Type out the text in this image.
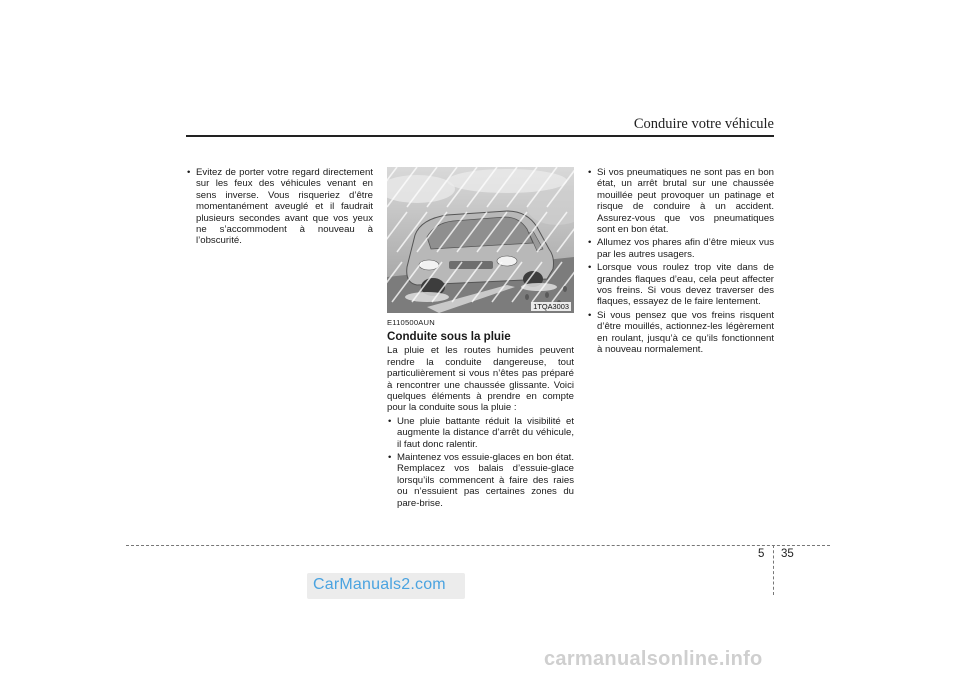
Conduire votre véhicule
• Evitez de porter votre regard directement sur les feux des véhicules venant en sens inverse. Vous risqueriez d’être momentanément aveuglé et il faudrait plusieurs secondes avant que vos yeux ne s’accommodent à nouveau à l’obscurité.
1TQA3003
E110500AUN
Conduite sous la pluie

La pluie et les routes humides peuvent rendre la conduite dangereuse, tout particulièrement si vous n’êtes pas préparé à rencontrer une chaussée glissante. Voici quelques éléments à prendre en compte pour la conduite sous la pluie :

• Une pluie battante réduit la visibilité et augmente la distance d’arrêt du véhicule, il faut donc ralentir.
• Maintenez vos essuie-glaces en bon état. Remplacez vos balais d’essuie-glace lorsqu’ils commencent à faire des raies ou n’essuient pas certaines zones du pare-brise.
• Si vos pneumatiques ne sont pas en bon état, un arrêt brutal sur une chaussée mouillée peut provoquer un patinage et risque de conduire à un accident. Assurez-vous que vos pneumatiques sont en bon état.
• Allumez vos phares afin d’être mieux vus par les autres usagers.
• Lorsque vous roulez trop vite dans de grandes flaques d’eau, cela peut affecter vos freins. Si vous devez traverser des flaques, essayez de le faire lentement.
• Si vous pensez que vos freins risquent d’être mouillés, actionnez-les légèrement en roulant, jusqu’à ce qu’ils fonctionnent à nouveau normalement.
5 35
CarManuals2.com
carmanualsonline.info
